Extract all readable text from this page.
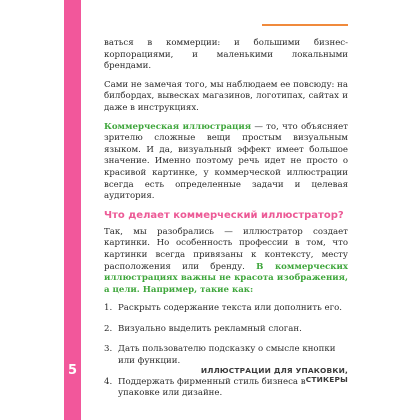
5

ваться в коммерции: и большими бизнес-корпорациями, и маленькими локальными брендами.

Сами не замечая того, мы наблюдаем ее повсюду: на билбордах, вывесках магазинов, логотипах, сайтах и даже в инструкциях.

Коммерческая иллюстрация — то, что объясняет зрителю сложные вещи простым визуальным языком. И да, визуальный эффект имеет большое значение. Именно поэтому речь идет не просто о красивой картинке, у коммерческой иллюстрации всегда есть определенные задачи и целевая аудитория.

Что делает коммерческий иллюстратор?

Так, мы разобрались — иллюстратор создает картинки. Но особенность профессии в том, что картинки всегда привязаны к контексту, месту расположения или бренду. В коммерческих иллюстрациях важны не красота изображения, а цели. Например, такие как:

1. Раскрыть содержание текста или дополнить его.
2. Визуально выделить рекламный слоган.
3. Дать пользователю подсказку о смысле кнопки или функции.
4. Поддержать фирменный стиль бизнеса в упаковке или дизайне.
ИЛЛЮСТРАЦИИ ДЛЯ УПАКОВКИ, СТИКЕРЫ
